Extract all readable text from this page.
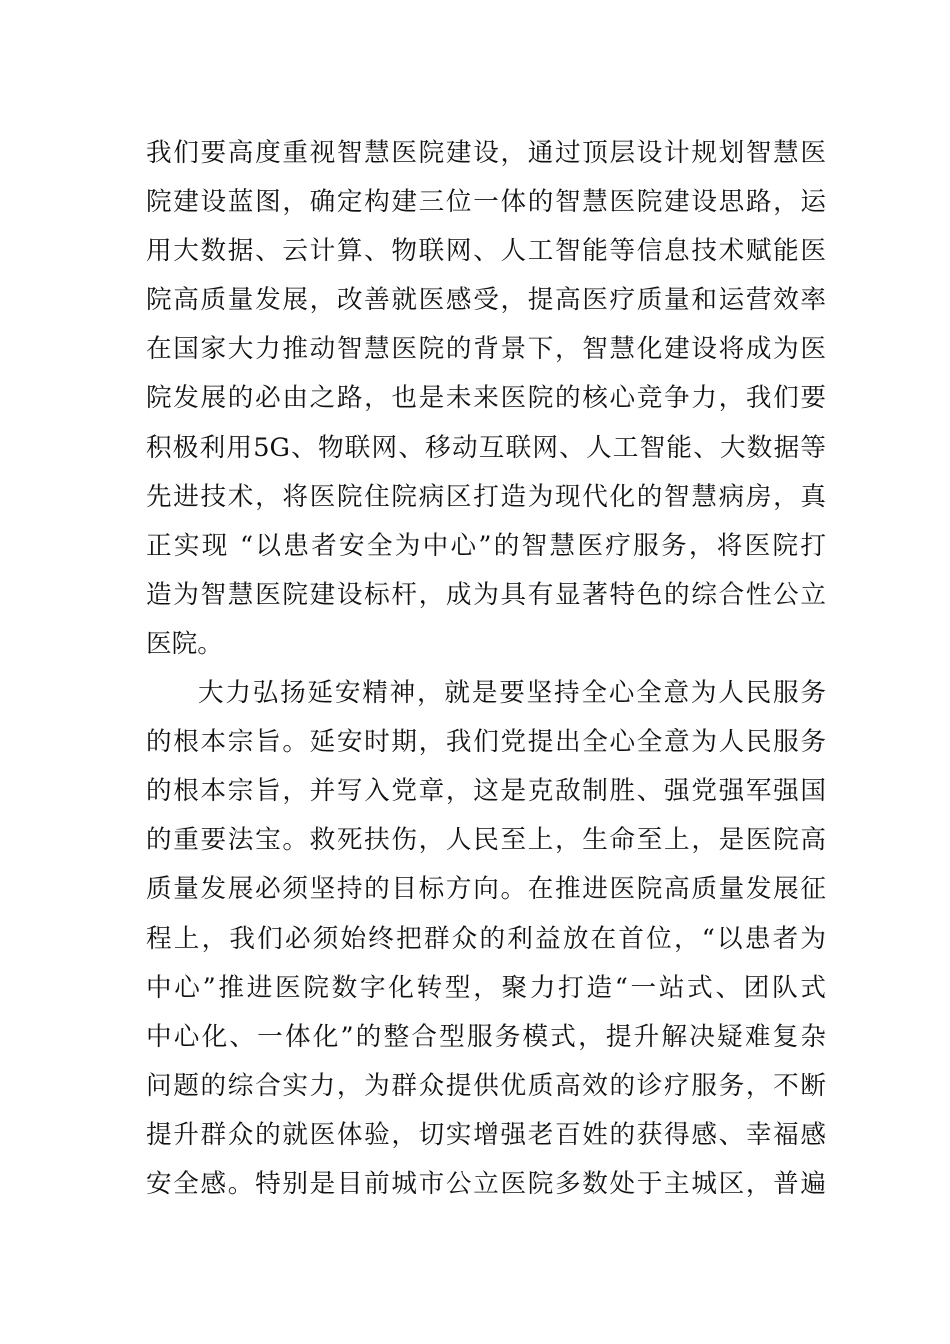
我们要高度重视智慧医院建设，通过顶层设计规划智慧医
院建设蓝图，确定构建三位一体的智慧医院建设思路，运
用大数据、云计算、物联网、人工智能等信息技术赋能医
院高质量发展，改善就医感受，提高医疗质量和运营效率
在国家大力推动智慧医院的背景下，智慧化建设将成为医
院发展的必由之路，也是未来医院的核心竞争力，我们要
积极利用5G、物联网、移动互联网、人工智能、大数据等
先进技术，将医院住院病区打造为现代化的智慧病房，真
正实现 “以患者安全为中心”的智慧医疗服务，将医院打
造为智慧医院建设标杆，成为具有显著特色的综合性公立
医院。
大力弘扬延安精神，就是要坚持全心全意为人民服务
的根本宗旨。延安时期，我们党提出全心全意为人民服务
的根本宗旨，并写入党章，这是克敌制胜、强党强军强国
的重要法宝。救死扶伤，人民至上，生命至上，是医院高
质量发展必须坚持的目标方向。在推进医院高质量发展征
程上，我们必须始终把群众的利益放在首位，“以患者为
中心”推进医院数字化转型，聚力打造“一站式、团队式
中心化、一体化”的整合型服务模式，提升解决疑难复杂
问题的综合实力，为群众提供优质高效的诊疗服务，不断
提升群众的就医体验，切实增强老百姓的获得感、幸福感
安全感。特别是目前城市公立医院多数处于主城区，普遍
